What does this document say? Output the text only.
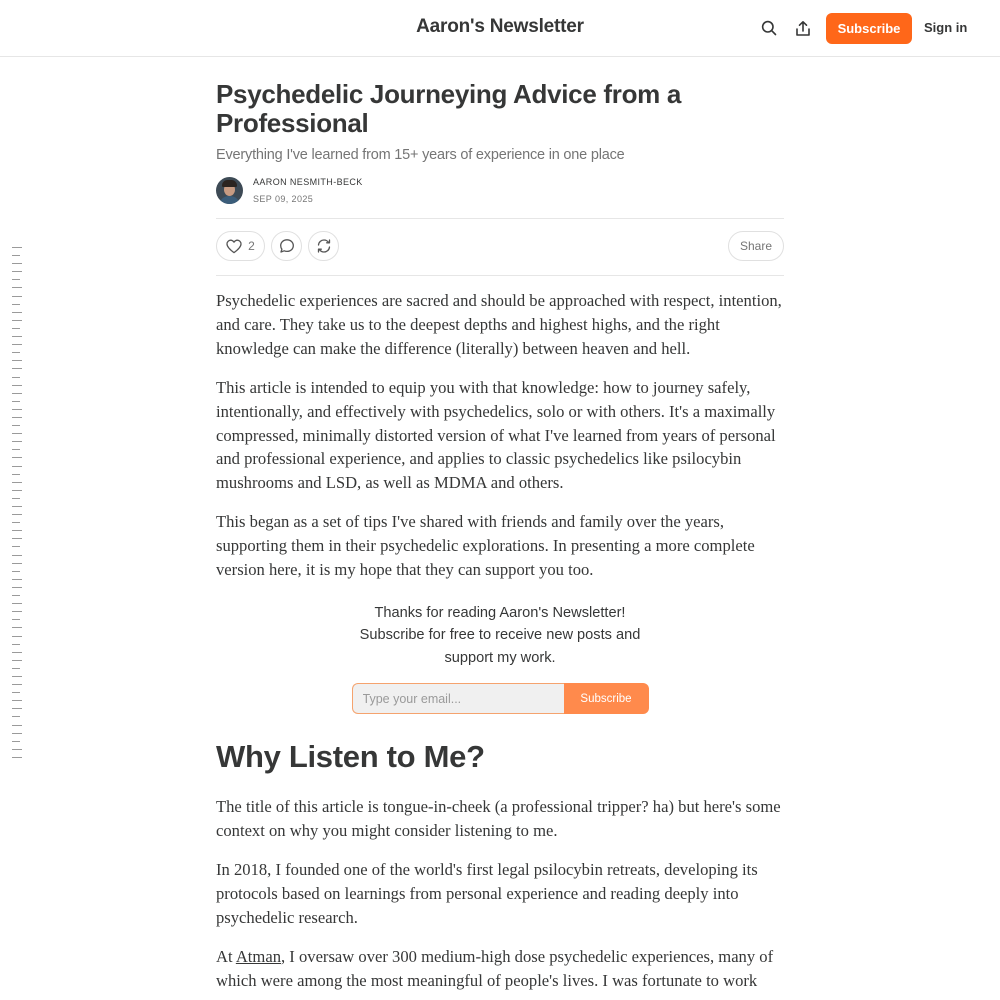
Aaron's Newsletter	Subscribe	Sign in
Psychedelic Journeying Advice from a Professional
Everything I've learned from 15+ years of experience in one place
AARON NESMITH-BECK
SEP 09, 2025
2	Share

Psychedelic experiences are sacred and should be approached with respect, intention, and care. They take us to the deepest depths and highest highs, and the right knowledge can make the difference (literally) between heaven and hell.

This article is intended to equip you with that knowledge: how to journey safely, intentionally, and effectively with psychedelics, solo or with others. It's a maximally compressed, minimally distorted version of what I've learned from years of personal and professional experience, and applies to classic psychedelics like psilocybin mushrooms and LSD, as well as MDMA and others.

This began as a set of tips I've shared with friends and family over the years, supporting them in their psychedelic explorations. In presenting a more complete version here, it is my hope that they can support you too.

Thanks for reading Aaron's Newsletter! Subscribe for free to receive new posts and support my work.
Type your email...
Subscribe
Why Listen to Me?

The title of this article is tongue-in-cheek (a professional tripper? ha) but here's some context on why you might consider listening to me.

In 2018, I founded one of the world's first legal psilocybin retreats, developing its protocols based on learnings from personal experience and reading deeply into psychedelic research.

At Atman, I oversaw over 300 medium-high dose psychedelic experiences, many of which were among the most meaningful of people's lives. I was fortunate to work
